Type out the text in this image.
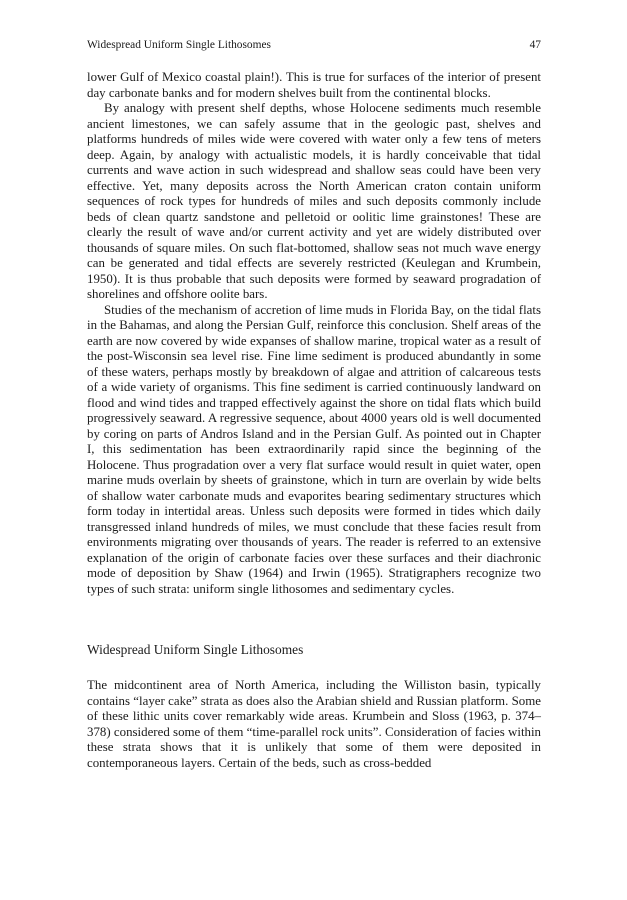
Widespread Uniform Single Lithosomes	47

lower Gulf of Mexico coastal plain!). This is true for surfaces of the interior of present day carbonate banks and for modern shelves built from the continental blocks.

By analogy with present shelf depths, whose Holocene sediments much resemble ancient limestones, we can safely assume that in the geologic past, shelves and platforms hundreds of miles wide were covered with water only a few tens of meters deep. Again, by analogy with actualistic models, it is hardly conceivable that tidal currents and wave action in such widespread and shallow seas could have been very effective. Yet, many deposits across the North American craton contain uniform sequences of rock types for hundreds of miles and such deposits commonly include beds of clean quartz sandstone and pelletoid or oolitic lime grainstones! These are clearly the result of wave and/or current activity and yet are widely distributed over thousands of square miles. On such flat-bottomed, shallow seas not much wave energy can be generated and tidal effects are severely restricted (Keulegan and Krumbein, 1950). It is thus probable that such deposits were formed by seaward progradation of shorelines and offshore oolite bars.

Studies of the mechanism of accretion of lime muds in Florida Bay, on the tidal flats in the Bahamas, and along the Persian Gulf, reinforce this conclusion. Shelf areas of the earth are now covered by wide expanses of shallow marine, tropical water as a result of the post-Wisconsin sea level rise. Fine lime sediment is produced abundantly in some of these waters, perhaps mostly by breakdown of algae and attrition of calcareous tests of a wide variety of organisms. This fine sediment is carried continuously landward on flood and wind tides and trapped effectively against the shore on tidal flats which build progressively seaward. A regressive sequence, about 4000 years old is well documented by coring on parts of Andros Island and in the Persian Gulf. As pointed out in Chapter I, this sedimentation has been extraordinarily rapid since the beginning of the Holocene. Thus progradation over a very flat surface would result in quiet water, open marine muds overlain by sheets of grainstone, which in turn are overlain by wide belts of shallow water carbonate muds and evaporites bearing sedimentary structures which form today in intertidal areas. Unless such deposits were formed in tides which daily transgressed inland hundreds of miles, we must conclude that these facies result from environments migrating over thousands of years. The reader is referred to an extensive explanation of the origin of carbonate facies over these surfaces and their diachronic mode of deposition by Shaw (1964) and Irwin (1965). Stratigraphers recognize two types of such strata: uniform single lithosomes and sedimentary cycles.

Widespread Uniform Single Lithosomes

The midcontinent area of North America, including the Williston basin, typically contains “layer cake” strata as does also the Arabian shield and Russian platform. Some of these lithic units cover remarkably wide areas. Krumbein and Sloss (1963, p. 374–378) considered some of them “time-parallel rock units”. Consideration of facies within these strata shows that it is unlikely that some of them were deposited in contemporaneous layers. Certain of the beds, such as cross-bedded
